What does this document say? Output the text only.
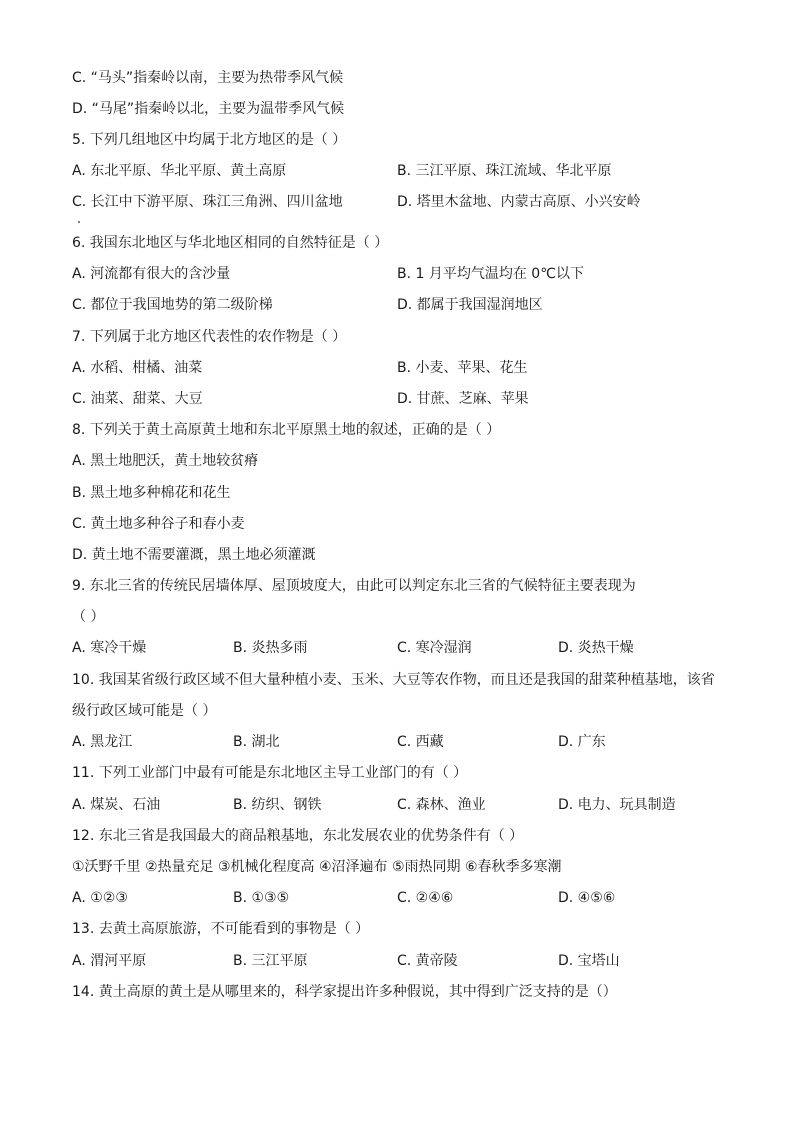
C. “马头”指秦岭以南，主要为热带季风气候
D. “马尾”指秦岭以北，主要为温带季风气候
5. 下列几组地区中均属于北方地区的是（ ）
A. 东北平原、华北平原、黄土高原	B. 三江平原、珠江流域、华北平原
C. 长江中下游平原、珠江三角洲、四川盆地	D. 塔里木盆地、内蒙古高原、小兴安岭
6. 我国东北地区与华北地区相同的自然特征是（ ）
A. 河流都有很大的含沙量	B. 1 月平均气温均在 0℃以下
C. 都位于我国地势的第二级阶梯	D. 都属于我国湿润地区
7. 下列属于北方地区代表性的农作物是（ ）
A. 水稻、柑橘、油菜	B. 小麦、苹果、花生
C. 油菜、甜菜、大豆	D. 甘蔗、芝麻、苹果
8. 下列关于黄土高原黄土地和东北平原黑土地的叙述，正确的是（ ）
A. 黑土地肥沃，黄土地较贫瘠
B. 黑土地多种棉花和花生
C. 黄土地多种谷子和春小麦
D. 黄土地不需要灌溉，黑土地必须灌溉
9. 东北三省的传统民居墙体厚、屋顶坡度大，由此可以判定东北三省的气候特征主要表现为
（ ）
A. 寒冷干燥	B. 炎热多雨	C. 寒冷湿润	D. 炎热干燥
10. 我国某省级行政区域不但大量种植小麦、玉米、大豆等农作物，而且还是我国的甜菜种植基地，该省
级行政区域可能是（ ）
A. 黑龙江	B. 湖北	C. 西藏	D. 广东
11. 下列工业部门中最有可能是东北地区主导工业部门的有（ ）
A. 煤炭、石油	B. 纺织、钢铁	C. 森林、渔业	D. 电力、玩具制造
12. 东北三省是我国最大的商品粮基地，东北发展农业的优势条件有（ ）
①沃野千里 ②热量充足 ③机械化程度高 ④沼泽遍布 ⑤雨热同期 ⑥春秋季多寒潮
A. ①②③	B. ①③⑤	C. ②④⑥	D. ④⑤⑥
13. 去黄土高原旅游，不可能看到的事物是（ ）
A. 渭河平原	B. 三江平原	C. 黄帝陵	D. 宝塔山
14. 黄土高原的黄土是从哪里来的，科学家提出许多种假说，其中得到广泛支持的是（）
